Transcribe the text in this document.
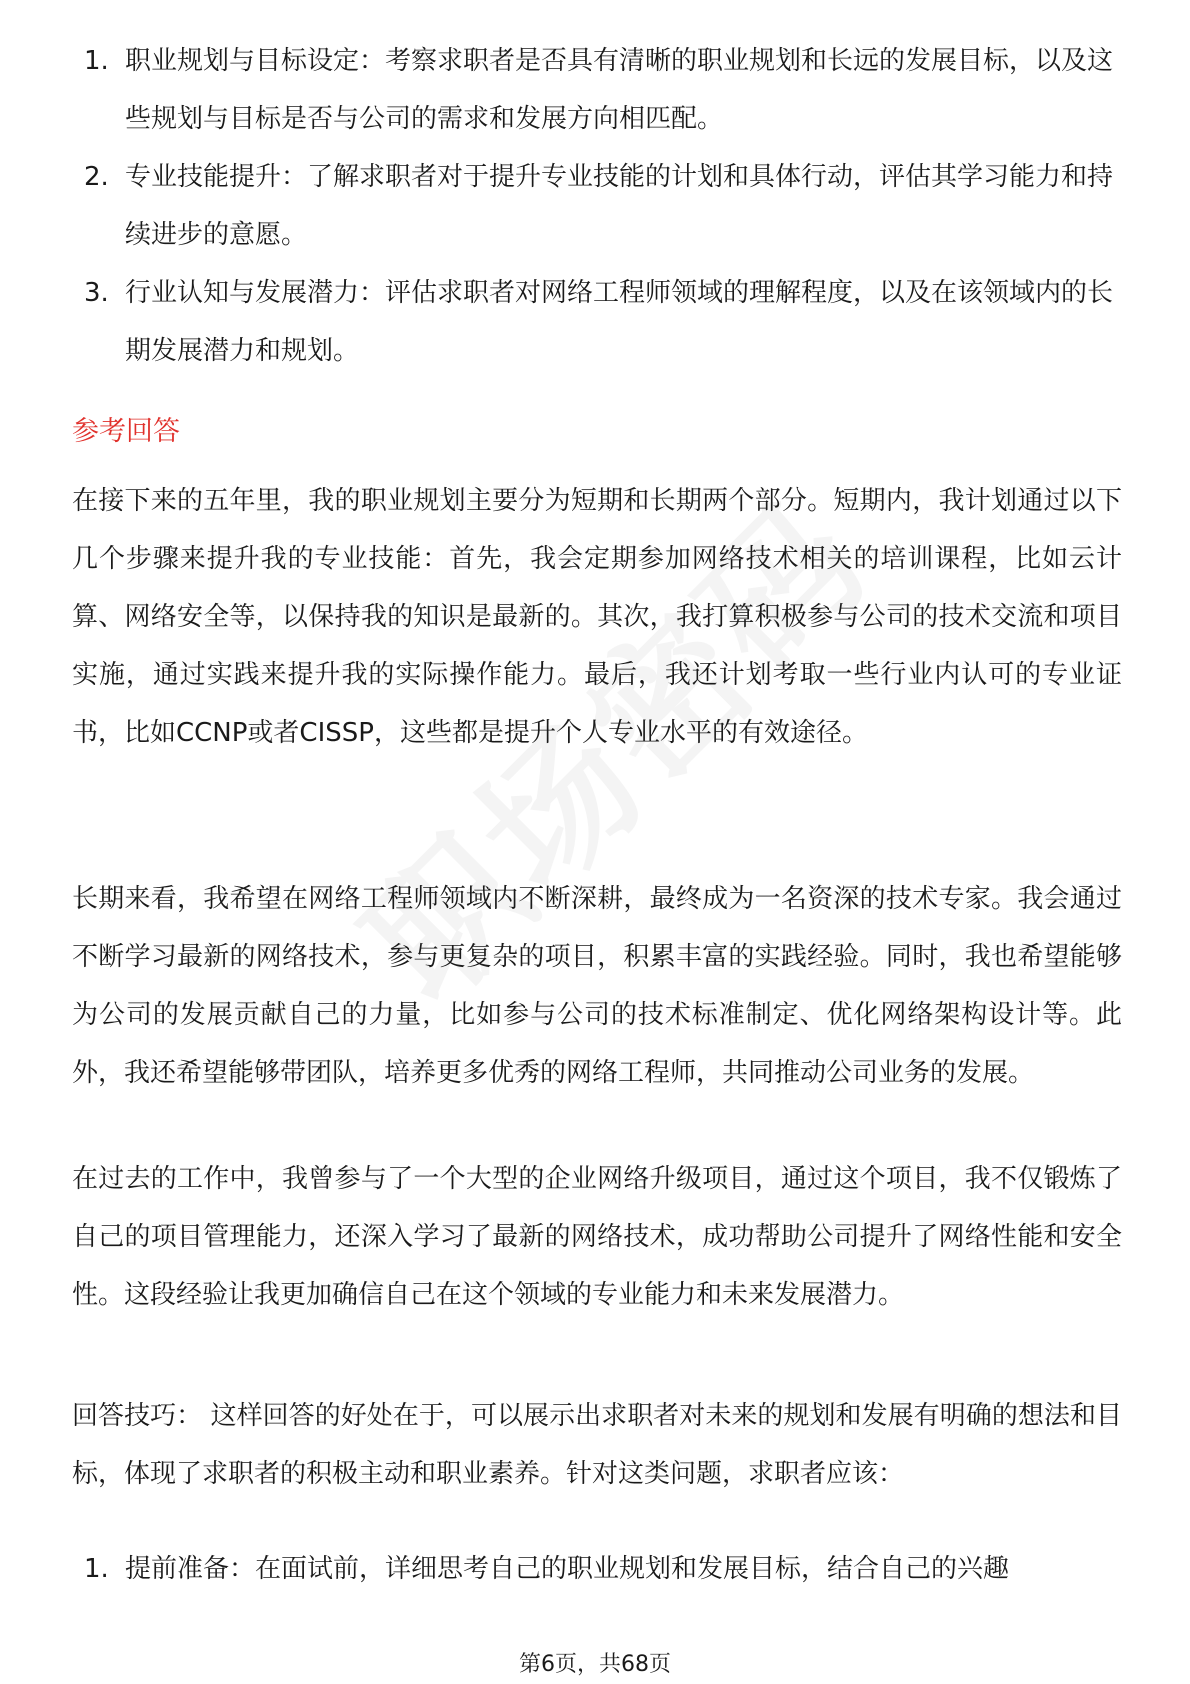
1. 职业规划与目标设定：考察求职者是否具有清晰的职业规划和长远的发展目标，以及这些规划与目标是否与公司的需求和发展方向相匹配。
2. 专业技能提升：了解求职者对于提升专业技能的计划和具体行动，评估其学习能力和持续进步的意愿。
3. 行业认知与发展潜力：评估求职者对网络工程师领域的理解程度，以及在该领域内的长期发展潜力和规划。
参考回答

在接下来的五年里，我的职业规划主要分为短期和长期两个部分。短期内，我计划通过以下几个步骤来提升我的专业技能：首先，我会定期参加网络技术相关的培训课程，比如云计算、网络安全等，以保持我的知识是最新的。其次，我打算积极参与公司的技术交流和项目实施，通过实践来提升我的实际操作能力。最后，我还计划考取一些行业内认可的专业证书，比如CCNP或者CISSP，这些都是提升个人专业水平的有效途径。

长期来看，我希望在网络工程师领域内不断深耕，最终成为一名资深的技术专家。我会通过不断学习最新的网络技术，参与更复杂的项目，积累丰富的实践经验。同时，我也希望能够为公司的发展贡献自己的力量，比如参与公司的技术标准制定、优化网络架构设计等。此外，我还希望能够带团队，培养更多优秀的网络工程师，共同推动公司业务的发展。

在过去的工作中，我曾参与了一个大型的企业网络升级项目，通过这个项目，我不仅锻炼了自己的项目管理能力，还深入学习了最新的网络技术，成功帮助公司提升了网络性能和安全性。这段经验让我更加确信自己在这个领域的专业能力和未来发展潜力。

回答技巧： 这样回答的好处在于，可以展示出求职者对未来的规划和发展有明确的想法和目标，体现了求职者的积极主动和职业素养。针对这类问题，求职者应该：

1. 提前准备：在面试前，详细思考自己的职业规划和发展目标，结合自己的兴趣
第6页，共68页
